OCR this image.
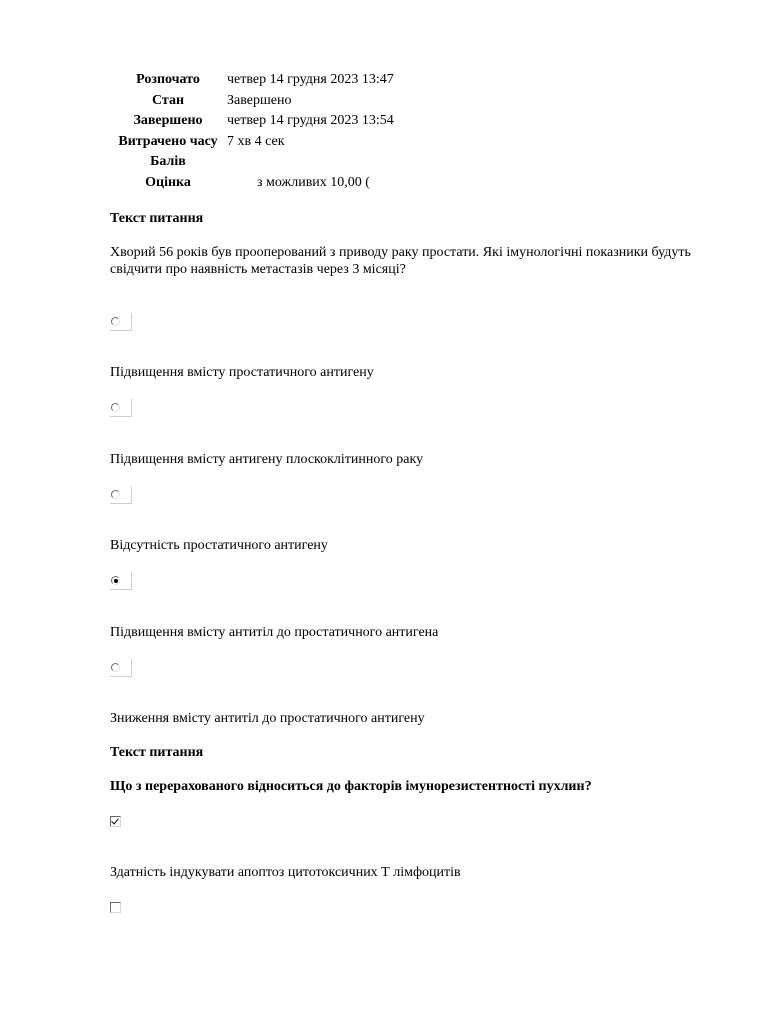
Розпочато	четвер 14 грудня 2023 13:47
Стан	Завершено
Завершено	четвер 14 грудня 2023 13:54
Витрачено часу	7 хв 4 сек
Балів	
Оцінка	з можливих 10,00 (
Текст питання
Хворий 56 років був прооперований з приводу раку простати. Які імунологічні показники будуть свідчити про наявність метастазів через 3 місяці?
Підвищення вмісту простатичного антигену
Підвищення вмісту антигену плоскоклітинного раку
Відсутність простатичного антигену
Підвищення вмісту антитіл до простатичного антигена
Зниження вмісту антитіл до простатичного антигену
Текст питання
Що з перерахованого відноситься до факторів імунорезистентності пухлин?
Здатність індукувати апоптоз цитотоксичних Т лімфоцитів
